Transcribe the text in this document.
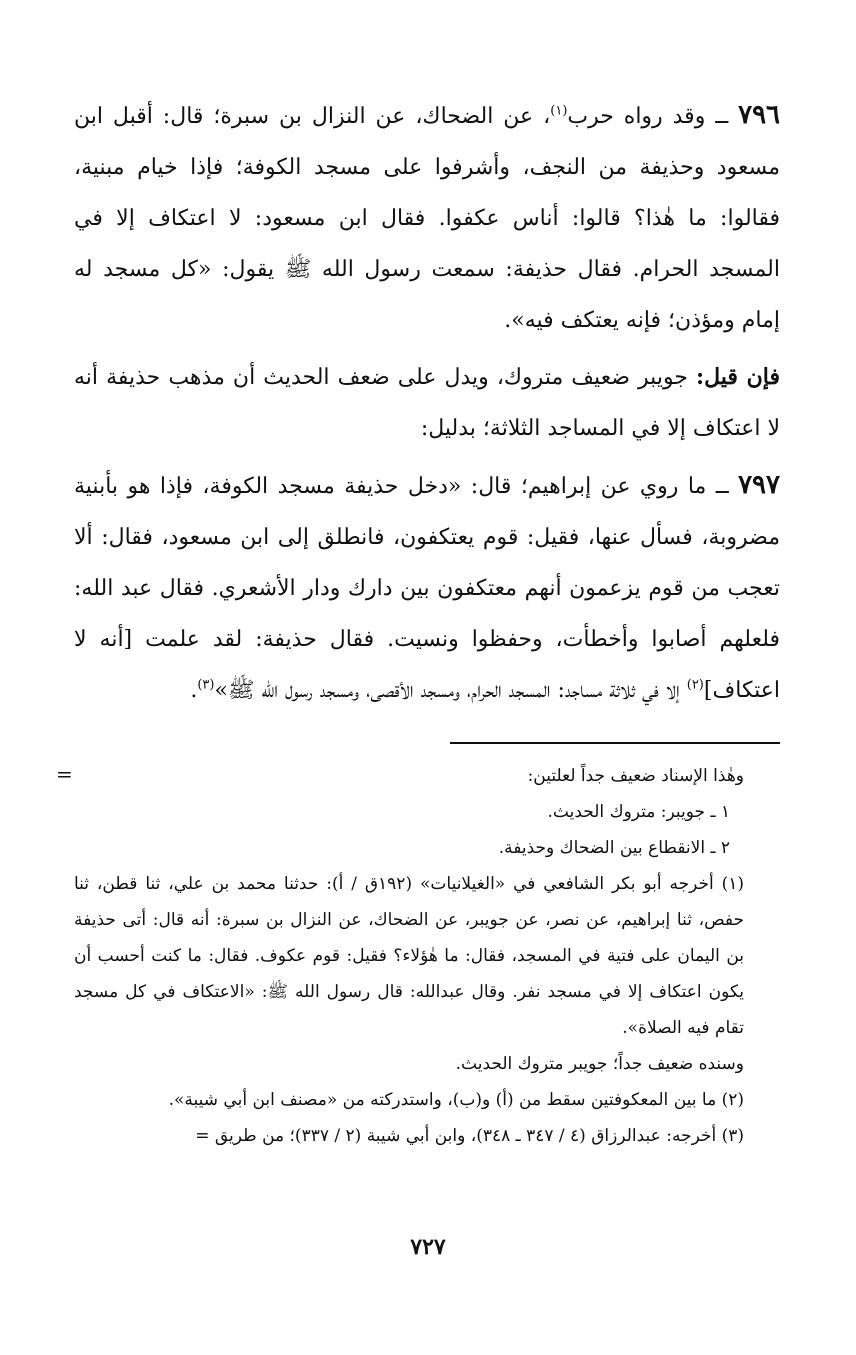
٧٩٦ ــ وقد رواه حرب$^{(١)}$، عن الضحاك، عن النزال بن سبرة؛ قال: أقبل ابن مسعود وحذيفة من النجف، وأشرفوا على مسجد الكوفة؛ فإذا خيام مبنية، فقالوا: ما هٰذا؟ قالوا: أناس عكفوا. فقال ابن مسعود: لا اعتكاف إلا في المسجد الحرام. فقال حذيفة: سمعت رسول الله ﷺ يقول: «كل مسجد له إمام ومؤذن؛ فإنه يعتكف فيه».

فإن قيل: جويبر ضعيف متروك، ويدل على ضعف الحديث أن مذهب حذيفة أنه لا اعتكاف إلا في المساجد الثلاثة؛ بدليل:

٧٩٧ ــ ما روي عن إبراهيم؛ قال: «دخل حذيفة مسجد الكوفة، فإذا هو بأبنية مضروبة، فسأل عنها، فقيل: قوم يعتكفون، فانطلق إلى ابن مسعود، فقال: ألا تعجب من قوم يزعمون أنهم معتكفون بين دارك ودار الأشعري. فقال عبد الله: فلعلهم أصابوا وأخطأت، وحفظوا ونسيت. فقال حذيفة: لقد علمت [أنه لا اعتكاف]$^{(٢)}$ إلا في ثلاثة مساجد: المسجد الحرام، ومسجد الأقصى، ومسجد رسول الله ﷺ»$^{(٣)}$.

=	وهٰذا الإسناد ضعيف جداً لعلتين:

١ ـ جويبر: متروك الحديث.

٢ ـ الانقطاع بين الضحاك وحذيفة.

(١) أخرجه أبو بكر الشافعي في «الغيلانيات» (١٩٢ق / أ): حدثنا محمد بن علي، ثنا قطن، ثنا حفص، ثنا إبراهيم، عن نصر، عن جويبر، عن الضحاك، عن النزال بن سبرة: أنه قال: أتى حذيفة بن اليمان على فتية في المسجد، فقال: ما هٰؤلاء؟ فقيل: قوم عكوف. فقال: ما كنت أحسب أن يكون اعتكاف إلا في مسجد نفر. وقال عبدالله: قال رسول الله ﷺ: «الاعتكاف في كل مسجد تقام فيه الصلاة».

وسنده ضعيف جداً؛ جويبر متروك الحديث.

(٢) ما بين المعكوفتين سقط من (أ) و(ب)، واستدركته من «مصنف ابن أبي شيبة».

(٣) أخرجه: عبدالرزاق (٤ / ٣٤٧ ـ ٣٤٨)، وابن أبي شيبة (٢ / ٣٣٧)؛ من طريق =

٧٢٧
